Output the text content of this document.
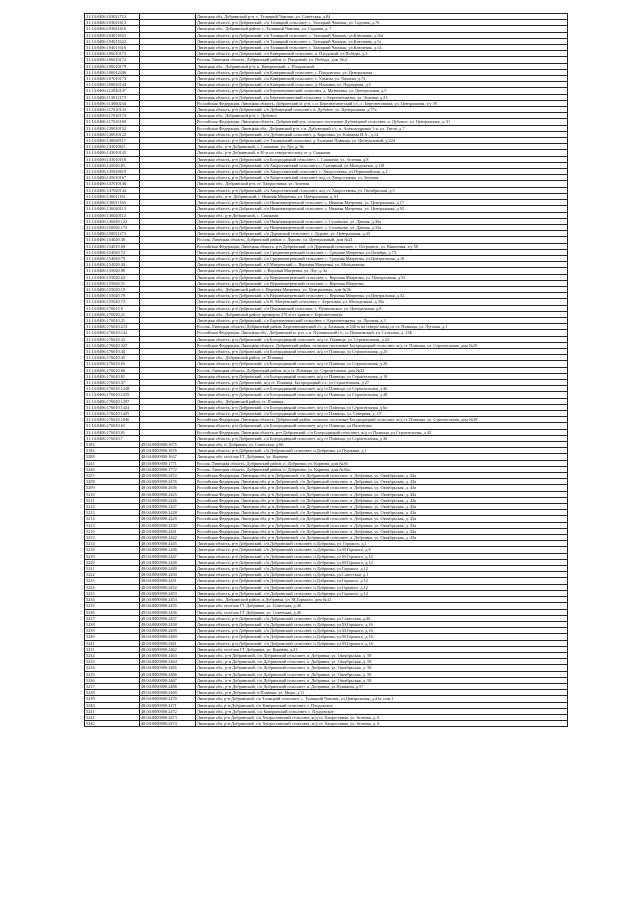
31:14:0406:103021712		Липецкая обл, Добринский р-н, с. Талицкий Чамлык, ул. Советская, д.84
31:14:0406:103021613		Липецкая область, р-н Добринский, с/п Талицкий сельсовет, с. Талицкий Чамлык, ул. Садовая, д.76
31:14:0406:103021616		Липецкая обл., Добринский район, с. Талицкий Чамлык, ул. Садовая, д. 7
31:14:0406:104011623		Липецкая область, р-н Добринский, с/п Талицкий сельсовет, с. Талицкий Чамлык, ул.Ключевая, д.10а
31:14:0406:104011622		Липецкая область, р-н Добринский, с/п Талицкий сельсовет, с. Талицкий Чамлык, ул.Ключевая, д.1а
31:14:0406:104011616		Липецкая область, р-н Добринский, с/п Талицкий сельсовет, с. Талицкий Чамлык, ул.Ключевая, д.14
31:14:0406:106010173		Липецкая область, р-н Добринский, с/п Каверинский сельсовет, п. Плодовый, ул.Победы, д.3
31:14:0406:106010172		Россия, Липецкая область, Добринский район, п. Плодовый, ул. Победы, дом 36,2
31:14:0406:106010179		Липецкая обл., Добринский р-н, п. Каверинский, с. Плодовский
31:14:0406:106012446		Липецкая область, р-н Добринский, с/п Каверинский сельсовет, с. Плодовское, ул. Центральная
31:14:0406:107010173		Липецкая область, р-н Добринский, с/п Каверинский сельсовет, с. Ульяны, ул. Чапаева, д.72
31:14:0406:108010144		Липецкая область, р-н Добринский, с/п Каверинский сельсовет, д. Ильинка, ул. Пурпурная, д.5
31:14:0406:112020147		Липецкая область, р-н Добринский, с/п Березнеговатский сельсовет, д. Матвеевка, ул. Центральная, д.5
31:14:0406:113012173		Липецкая область, р-н Добринский, с/п Березнеговатский сельсовет, с. Березнеговатка, ул. Зеленая, д.23
31:14:0406:114060234		Российская Федерация, Липецкая область, Добринский м. р-н, с.п. Березнеговатский с/с, с. Березнеговатка, ул. Центральная, з/у 39
31:14:0406:117010132		Липецкая область, р-н Добринский, с/п Дубовецкий сельсовет, п. Дубовое, ул. Центральная, д.77а
31:14:0406:117010173		Липецкая обл., Добринский р-н, с. Дубовое
31:14:0406:117010160		Российская Федерация, Липецкая область, Добринский р-н, сельское поселение Дубовецкий сельсовет, п. Дубовое, ул. Центральная, д. 31
31:14:0406:129010132		Российская Федерация, Липецкая обл., Добринский р-н, с.п. Дубовецкий с/с, п. Александровка 1-я, ул. Титов, д.7
31:14:0406:130010122		Липецкая область, р-н Добринский, с/п Дубовецкий сельсовет, д. Карповка, ул. Климова И.А., д.12
31:14:0406:130020117		Липецкая область, р-н Добринский, с/п Тихвинский сельсовет, д. Большая Плавица, ул. Центральный, д.224
31:14:0406:143010611		Липецкая обл., р-н Добринский, с. Сошками, ул. Луг, д. 9а
31:14:0406:143010145		Липецкая обл., р-н Добринский, в 50 м по северо-востоку от д. Сошками
31:14:0406:143010118		Липецкая область, р-н Добринский, с/п Богородицкий сельсовет, с. Сошками, ул. Зеленая, д.8
31:14:0406:145020.81		Липецкая область, р-н Добринский, с/п Хворостянский сельсовет, с. Сытинкий, ул.Молодежная, д.118
31:14:0406:145010619		Липецкая область, р-н Добринский, с/п Хворостянский сельсовет, с. Хворостянка, ул.Первомайская, д.2
31:14:0406:145010167		Липецкая область, р-н Добринский, с/п Хворостянский сельсовет, ж/д ст. Хворостянка, ул. Зеленая
31:14:0406:147010148		Липецкая обл., Добринский р-н, ст. Хворостянка, ул. Зеленая
31:14:0406:147020144		Липецкая область, р-н Добринский, с/п Хворостянский сельсовет, ж/д ст. Хворостянка, ул. Октябрьская, д.5
31:14:0406:136011161		Липецкая обл., р-н. Добринский, с. Нижняя Матренка, ул. Центральная, д. 61
31:14:0406:136011165		Липецкая область, р-н Добринский, с/п Нижнематренский сельсовет, с. Нижняя Матренка, ул. Центральная, д.17
31:14:0406:136020113		Липецкая область, р-н Добринский, с/п Нижнематренский сельсовет, с. Нижняя Матренка, ул. Центральная, д.92
31:14:0406:136020112		Липецкая обл., р-н Добринский, с. Сошками
31:14:0406:136020.123		Липецкая область, р-н Добринский, с/п Нижнематренский сельсовет, с. Соловьево, ул. Дачная, д.36а
31:14:0406:150020.173		Липецкая область, р-н Добринский, с/п Нижнематренский сельсовет, с. Соловьево, ул. Дачная, д.33а
31:14:0406:150011273		Липецкая область, р-н Добринский, с/п Дуровский сельсовет, с. Дурово, ул. Центральная, д.43
31:14:0406:154020.38		Россия, Липецкая область, Добринский район, с. Дурово, ул. Центральный, дом №21
31:14:0406:154019.69		Российская Федерация, Липецкая область, р-н Добринский, с/п Дуровский сельсовет, с. Островное, ул. Вишневая, з/у 58
31:14:0406:154020.72		Липецкая область, р-н Добринский, с/п Среднематренский сельсовет, с. Средняя Матренка, ул.Октябрь, д.73
31:14:0406:154020.79		Липецкая область, р-н Добринский, с/п Среднематренский сельсовет, с. Средняя Матренка, ул.Центральная, д.18
31:14:0406:154020.44		Липецкая область, р-н Добринский, в 8 Матренский, с. Верхняя Матренка, ул. Молодежная
31:14:0406:155020.88		Липецкая область, р-н Добринский, с. Верхняя Матренка, ул. Луг, д. 3а
31:14:0406:155020.62		Липецкая область, р-н Добринский, с/п Верхнематренский сельсовет, с. Верхняя Матренка, ул. Центральная, д.55
31:14:0406:155020.51		Липецкая область, р-н Добринский, с/п Верхнематренский сельсовет, с. Верхняя Матренка
31:14:0406:155020.19		Липецкая обл., Добринский район, с. Верхняя Матренка, ул. Центральная, дом №36
31:14:0406:155020.79		Липецкая область, р-н Добринский, с/п Верхнематренский сельсовет, с. Верхняя Матренка, ул.Центральная, д.52
31:14:0406:155020.72		Липецкая область, р-н Добринский, с/п В. Матренский сельсовет, с. Березовка, ул. Молодежная, д.30а
31:14:0406:176015.8		Липецкая область, р-н Добринский, с/п Пушкинский сельсовет, с. Пушкинское, ул. Центральная, д.8
31:14:0406:176020.21		Липецкая обл., Добринский район, примерно 270 м от здания с. Березнеговатка
31:14:0406:176010.21		Липецкая область, р-н Добринский, с/п Березнеговатский сельсовет, с. Березнеговатка, ул. Луговая, д.3
31:14:0406:176010.213		Россия, Липецкая область, Добринский район, Березнеговатский с/с, д. Большая, в 340 м на северо-запад от ст. Плавица, ул. Луговая, д.1
31:14:0406:176010.142		Российская Федерация, Липецкая обл., Добринский м. р-н, с.п. Пушкинский с/с, п. Пушкинский, ул. Сельская, д. 13Б
31:14:0406:176010.32		Липецкая область, р-н Добринский, с/п Богородицкий сельсовет, ж/д ст. Плавица, ул. Строительная, д.22
31:14:0406:176010.327		Российская Федерация, Липецкая область, Добринский район, сельское поселение Богородицкий сельсовет, ж/д ст. Плавица, ул. Строительная, дом №29
31:14:0406:176010.44		Липецкая область, р-н Добринский, с/п Богородицкий сельсовет, ж/д ст Плавица, ул Строительная, д 25
31:14:0406:176010.45		Липецкая обл., Добринский район, ст. Плавица
31:14:0406:176010.65		Липецкая область, р-н Добринский, с/п Богородицкий сельсовет, ж/д ст Плавица, ул Строительная, д 26
31:14:0406:176010.68		Россия, Липецкая область, Добринский район, ж/д ст. Плавица, ул. Строительная, дом №22
31:14:0406:176010.81		Липецкая область, р-н Добринский, с/п Богородицкий сельсовет, ж/д ст Плавица, ул Строительная, д 19
31:14:0406:176010.37		Липецкая область, р-н Добринский, ж/д ст. Плавица, Богородицкий с/с, ул Строительная, д 27
31:14:0406:176010.1248		Липецкая область, р-н Добринский, с/п Богородицкий сельсовет, ж/д ст Плавица, ул Строительная, д 46
31:14:0406:176010.1259		Липецкая область, р-н Добринский, с/п Богородицкий сельсовет, ж/д ст Плавица, ул Строительная, д 48
31:14:0406:176010.1297		Липецкая обл., Добринский район, ст. Плавица
31:14:0406:176010.1324		Липецкая область, р-н Добринский, с/п Богородицкий сельсовет, ж/д ст Плавица, ул Строительная, д 6а
31:14:0406:176010.1425		Липецкая область, р-н Добринский, с/п Богородицкий сельсовет, ж/д ст Плавица, ул. Северная, д. 15
31:14:0406:176010.1846		Российская Федерация, Липецкая область, Добринский район, сельское поселение Богородицкий сельсовет, ж/д ст. Плавица, ул. Строительная, дом №38
31:14:0406:176010.61		Липецкая область, р-н Добринский, с/п Богородицкий сельсовет, ж/д ст Плавица, ул Пятилетки
31:14:0406:176010.81		Российская Федерация, Липецкая область, р-н Добринский, с/п Богородицкий сельсовет, ж/д ст Плавица, ул Строительная, д 42
31:14:0406:176010.7		Липецкая область, р-н Добринский, с/п Богородицкий сельсовет, ж/д ст Плавица, ул Строительная, д 36
5182	48:04:0000000:1675	Липецкая обл, п. Добринка, ул. Советская, д.66
5182	48:04:0000000:1676	Липецкая область, р-н Добринский, с/п Добринский сельсовет, п.Добринка, ул.Пушкина, д.1
5288	48:04:0000000:1637	Липецкая обл. посёлок ГТ Добринка, ул. Корнева
5241	48:04:0000000:1771	Россия, Липецкая область, Добринский район, п. Добринка, ул. Корнева, дом №36
5246	48:04:0000000:1772	Россия, Липецкая область, Добринский район, п. Добринка, ул. Корнева, дом №36а
5257	48:04:0000000:2472	Российская Федерация, Липецкая обл, р-н Добринский, с/п Добринский сельсовет, п. Добринка, ул. Октябрьская, д. 43а
5208	48:04:0000000:2476	Российская Федерация, Липецкая обл, р-н Добринский, с/п Добринский сельсовет, п. Добринка, ул. Октябрьская, д. 43а
5209	48:04:0000000:2636	Российская Федерация, Липецкая обл, р-н Добринский, с/п Добринский сельсовет, п. Добринка, ул. Октябрьская, д. 43а
5210	48:04:0000000:2425	Российская Федерация, Липецкая обл, р-н Добринский, с/п Добринский сельсовет, п. Добринка, ул. Октябрьская, д. 43а
5211	48:04:0000000:2426	Российская Федерация, Липецкая обл, р-н Добринский, с/п Добринский сельсовет, п. Добринка, ул. Октябрьская, д. 43а
5212	48:04:0000000:2427	Российская Федерация, Липецкая обл, р-н Добринский, с/п Добринский сельсовет, п. Добринка, ул. Октябрьская, д. 43а
5213	48:04:0000000:2428	Российская Федерация, Липецкая обл, р-н Добринский, с/п Добринский сельсовет, п. Добринка, ул. Октябрьская, д. 43а
5214	48:04:0000000:2429	Российская Федерация, Липецкая обл, р-н Добринский, с/п Добринский сельсовет, п. Добринка, ул. Октябрьская, д. 43а
5215	48:04:0000000:2430	Российская Федерация, Липецкая обл, р-н Добринский, с/п Добринский сельсовет, п. Добринка, ул. Октябрьская, д. 43а
5216	48:04:0000000:2441	Российская Федерация, Липецкая обл, р-н Добринский, с/п Добринский сельсовет, п. Добринка, ул. Октябрьская, д. 43а
5213	48:04:0000000:2442	Российская Федерация, Липецкая обл, р-н Добринский, с/п Добринский сельсовет, п. Добринка, ул. Октябрьская, д. 43а
5214	48:04:0000000:2445	Липецкая область, р-н Добринский, с/п Добринский сельсовет, п.Добринка, ул. Горького, д.1
5216	48:04:0000000:2446	Липецкая область, р-н Добринский, с/п Добринский сельсовет, п.Добринка, ул.М.Горького, д.8
5219	48:04:0000000:2447	Липецкая область, р-н Добринский, с/п Добринский сельсовет, п.Добринка, ул.М.Горького, д.12
5220	48:04:0000000:2448	Липецкая область, р-н Добринский, с/п Добринский сельсовет, п.Добринка, ул.М.Горького, д.12
5221	48:04:0000000:2449	Липецкая область, р-н Добринский, с/п Добринский сельсовет, п.Добринка, ул.Горького, д.12
5222	48:04:0000000:2450	Липецкая область, р-н Добринский, с/п Добринский сельсовет, п.Добринка, ул.Советская, д.1
5223	48:04:0000000:2451	Липецкая область, р-н Добринский, с/п Добринский сельсовет, п.Добринка, ул.Горького, д.12
5224	48:04:0000000:2452	Липецкая область, р-н Добринский, с/п Добринский сельсовет, п.Добринка, ул.Горького, д.12
5225	48:04:0000000:2453	Липецкая область, р-н Добринский, с/п Добринский сельсовет, п.Добринка, ул.Горького, д.12
5234	48:04:0000000:2454	Липецкая обл., Добринский район, п.Добринка, ул. М.Горького, дом №12
5235	48:04:0000000:2455	Липецкая обл. посёлок ГТ Добринка, ул. Советская, д.46
5236	48:04:0000000:2456	Липецкая обл. посёлок ГТ Добринка, ул. Советская, д.46
5237	48:04:0000000:2457	Липецкая область, р-н Добринский, с/п Добринский сельсовет, п.Добринка, ул.Советская, д.46
5238	48:04:0000000:2458	Липецкая область, р-н Добринский, с/п Добринский сельсовет, п.Добринка, ул.М.Горького, д.16
5239	48:04:0000000:2459	Липецкая область, р-н Добринский, с/п Добринский сельсовет, п.Добринка, ул.М.Горького, д.16
5240	48:04:0000000:2460	Липецкая область, р-н Добринский, с/п Добринский сельсовет, п.Добринка, ул.М.Горького, д.16
5241	48:04:0000000:2461	Липецкая область, р-н Добринский, с/п Добринский сельсовет, п.Добринка, ул.М.Горького, д.16
5231	48:04:0000000:2462	Липецкая обл. посёлок ГТ Добринка, ул. Корнева, д.21
5232	48:04:0000000:2463	Липецкая обл., р-н Добринский, с/п Добринский сельсовет, п. Добринка, ул. Октябрьская, д. 58
5233	48:04:0000000:2464	Липецкая обл., р-н Добринский, с/п Добринский сельсовет, п. Добринка, ул. Октябрьская, д. 58
5234	48:04:0000000:2465	Липецкая обл., р-н Добринский, с/п Добринский сельсовет, п. Добринка, ул. Октябрьская, д. 58
5235	48:04:0000000:2466	Липецкая обл., р-н Добринский, с/п Добринский сельсовет, п. Добринка, ул. Октябрьская, д. 58
5236	48:04:0000000:2467	Липецкая обл., р-н Добринский, с/п Добринский сельсовет, п. Добринка, ул. Октябрьская, д. 58
5237	48:04:0000000:2468	Липецкая обл., р-н Добринский, с/п Добринский сельсовет, п. Добринка, ул.Пушкина, д.57
5238	48:04:0000000:2469	Липецкая обл., р-н Добринский, п.Плавица, ул. Мира, д.11
5239	48:04:0000000:2470	Липецкая обл, р-н Добринский, с/п Талицкий сельсовет, с. Талицкий Чамлык, ул.Центральная, д.41а, пом.1
5240	48:04:0000000:2471	Липецкая обл, р-н Добринский, с/п Каверинский сельсовет, с. Плодовское
5241	48:04:0000000:2472	Липецкая обл., р-н Добринский, с/п Каверинский сельсовет, с. Плодовское
5241	48:04:0000000:2473	Липецкая обл, р-н Добринский, с/п Хворостянский сельсовет, ж/д ст. Хворостянка, ул. Зеленая, д. 6
5242	48:04:0000000:2474	Липецкая обл, р-н Добринский, с/п Хворостянский сельсовет, ж/д ст. Хворостянка, ул. Зеленая, д. 6
